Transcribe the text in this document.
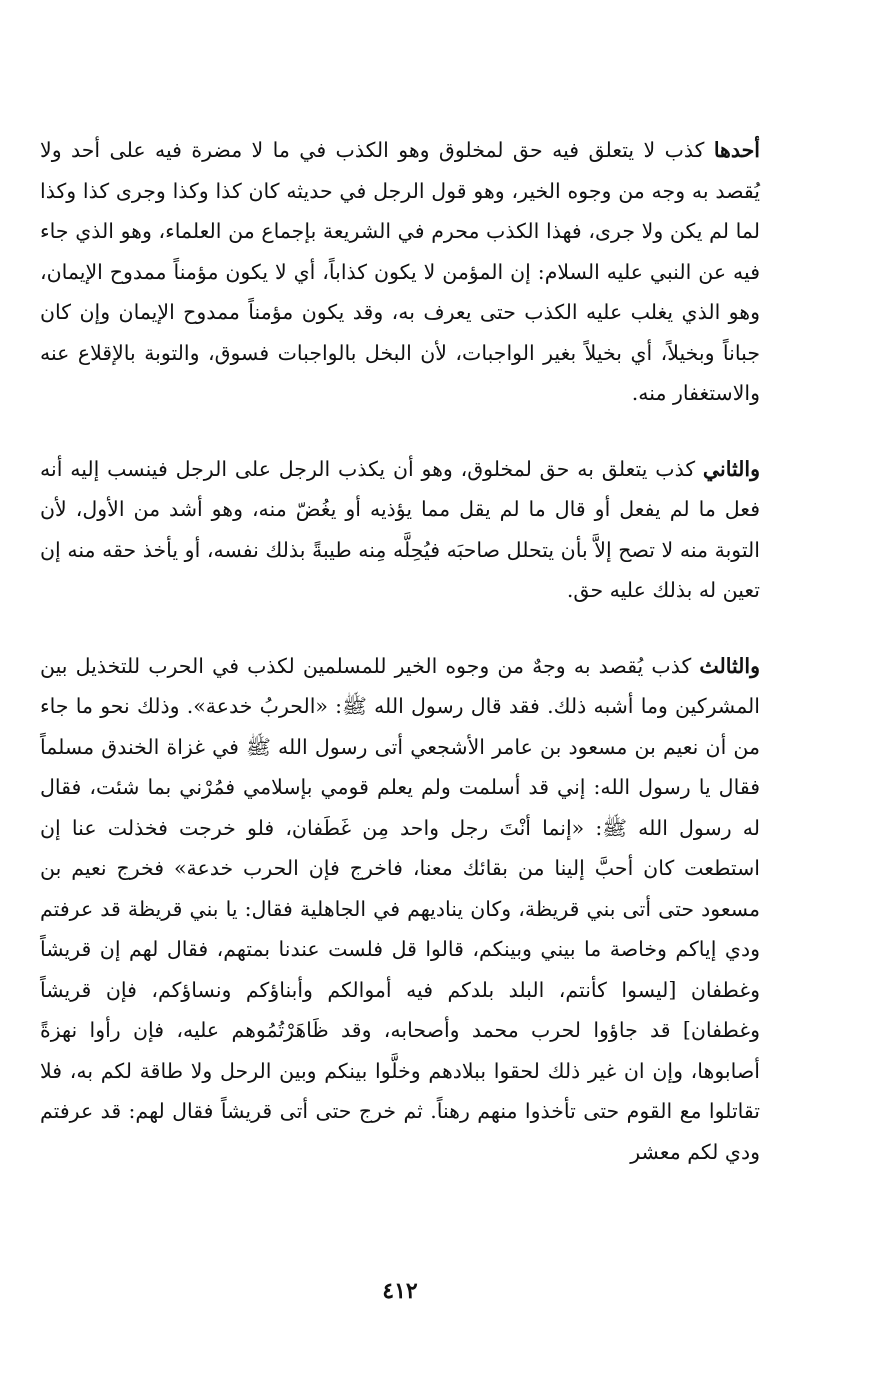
أحدها كذب لا يتعلق فيه حق لمخلوق وهو الكذب في ما لا مضرة فيه على أحد ولا يُقصد به وجه من وجوه الخير، وهو قول الرجل في حديثه كان كذا وكذا وجرى كذا وكذا لما لم يكن ولا جرى، فهذا الكذب محرم في الشريعة بإجماع من العلماء، وهو الذي جاء فيه عن النبي عليه السلام: إن المؤمن لا يكون كذاباً، أي لا يكون مؤمناً ممدوح الإيمان، وهو الذي يغلب عليه الكذب حتى يعرف به، وقد يكون مؤمناً ممدوح الإيمان وإن كان جباناً وبخيلاً، أي بخيلاً بغير الواجبات، لأن البخل بالواجبات فسوق، والتوبة بالإقلاع عنه والاستغفار منه.

والثاني كذب يتعلق به حق لمخلوق، وهو أن يكذب الرجل على الرجل فينسب إليه أنه فعل ما لم يفعل أو قال ما لم يقل مما يؤذيه أو يغُضّ منه، وهو أشد من الأول، لأن التوبة منه لا تصح إلاَّ بأن يتحلل صاحبَه فيُحِلَّه مِنه طيبةً بذلك نفسه، أو يأخذ حقه منه إن تعين له بذلك عليه حق.

والثالث كذب يُقصد به وجهٌ من وجوه الخير للمسلمين لكذب في الحرب للتخذيل بين المشركين وما أشبه ذلك. فقد قال رسول الله ﷺ: «الحربُ خدعة». وذلك نحو ما جاء من أن نعيم بن مسعود بن عامر الأشجعي أتى رسول الله ﷺ في غزاة الخندق مسلماً فقال يا رسول الله: إني قد أسلمت ولم يعلم قومي بإسلامي فمُرْني بما شئت، فقال له رسول الله ﷺ: «إنما أنْتَ رجل واحد مِن غَطَفان، فلو خرجت فخذلت عنا إن استطعت كان أحبَّ إلينا من بقائك معنا، فاخرج فإن الحرب خدعة» فخرج نعيم بن مسعود حتى أتى بني قريظة، وكان يناديهم في الجاهلية فقال: يا بني قريظة قد عرفتم ودي إياكم وخاصة ما بيني وبينكم، قالوا قل فلست عندنا بمتهم، فقال لهم إن قريشاً وغطفان [ليسوا كأنتم، البلد بلدكم فيه أموالكم وأبناؤكم ونساؤكم، فإن قريشاً وغطفان] قد جاؤوا لحرب محمد وأصحابه، وقد ظَاهَرْتُمُوهم عليه، فإن رأوا نهزةً أصابوها، وإن ان غير ذلك لحقوا ببلادهم وخلَّوا بينكم وبين الرحل ولا طاقة لكم به، فلا تقاتلوا مع القوم حتى تأخذوا منهم رهناً. ثم خرج حتى أتى قريشاً فقال لهم: قد عرفتم ودي لكم معشر

٤١٢
